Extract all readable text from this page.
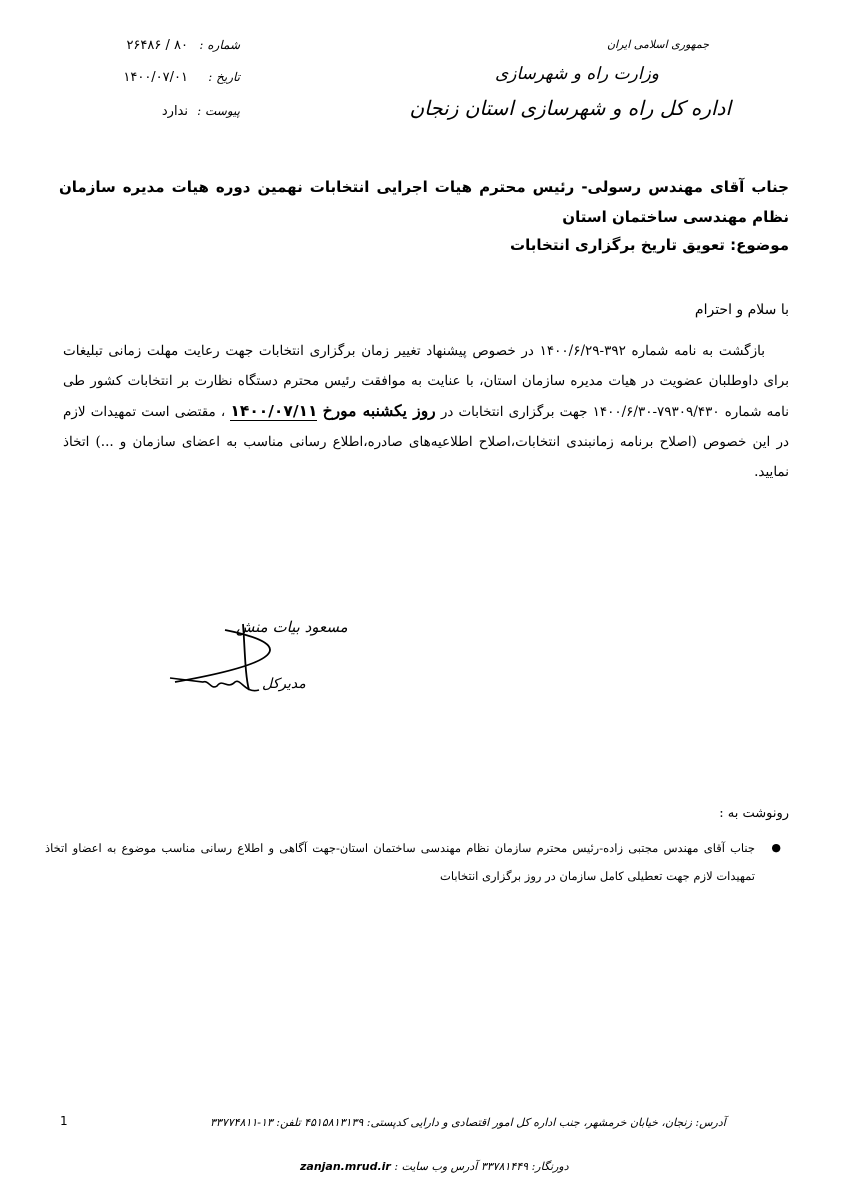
جمهوری اسلامی ایران
وزارت راه و شهرسازی
اداره کل راه و شهرسازی استان زنجان
شماره :
۸۰ / ۲۶۴۸۶
تاریخ :
۱۴۰۰/۰۷/۰۱
پیوست :
ندارد
جناب آقای مهندس رسولی- رئیس محترم هیات اجرایی انتخابات نهمین دوره هیات مدیره سازمان نظام مهندسی ساختمان استان
موضوع: تعویق تاریخ برگزاری انتخابات
با سلام و احترام
بازگشت به نامه شماره ۳۹۲-۱۴۰۰/۶/۲۹ در خصوص پیشنهاد تغییر زمان برگزاری انتخابات جهت رعایت مهلت زمانی تبلیغات برای داوطلبان عضویت در هیات مدیره سازمان استان، با عنایت به موافقت رئیس محترم دستگاه نظارت بر انتخابات کشور طی نامه شماره ۷۹۳۰۹/۴۳۰-۱۴۰۰/۶/۳۰ جهت برگزاری انتخابات در روز یکشنبه مورخ ۱۴۰۰/۰۷/۱۱ ، مقتضی است تمهیدات لازم در این خصوص (اصلاح برنامه زمانبندی انتخابات،اصلاح اطلاعیه‌های صادره،اطلاع رسانی مناسب به اعضای سازمان و ...) اتخاذ نمایید.
مسعود بیات منش
مدیرکل
رونوشت به :
●
جناب آقای مهندس مجتبی زاده-رئیس محترم سازمان نظام مهندسی ساختمان استان-جهت آگاهی و اطلاع رسانی مناسب موضوع به اعضاو اتخاذ تمهیدات لازم جهت تعطیلی کامل سازمان در روز برگزاری انتخابات
1	آدرس: زنجان، خیابان خرمشهر، جنب اداره کل امور اقتصادی و دارایی کدپستی: ۴۵۱۵۸۱۳۱۳۹ تلفن: ۱۳-۳۳۷۷۴۸۱۱
دورنگار: ۳۳۷۸۱۴۴۹ آدرس وب سایت : zanjan.mrud.ir
